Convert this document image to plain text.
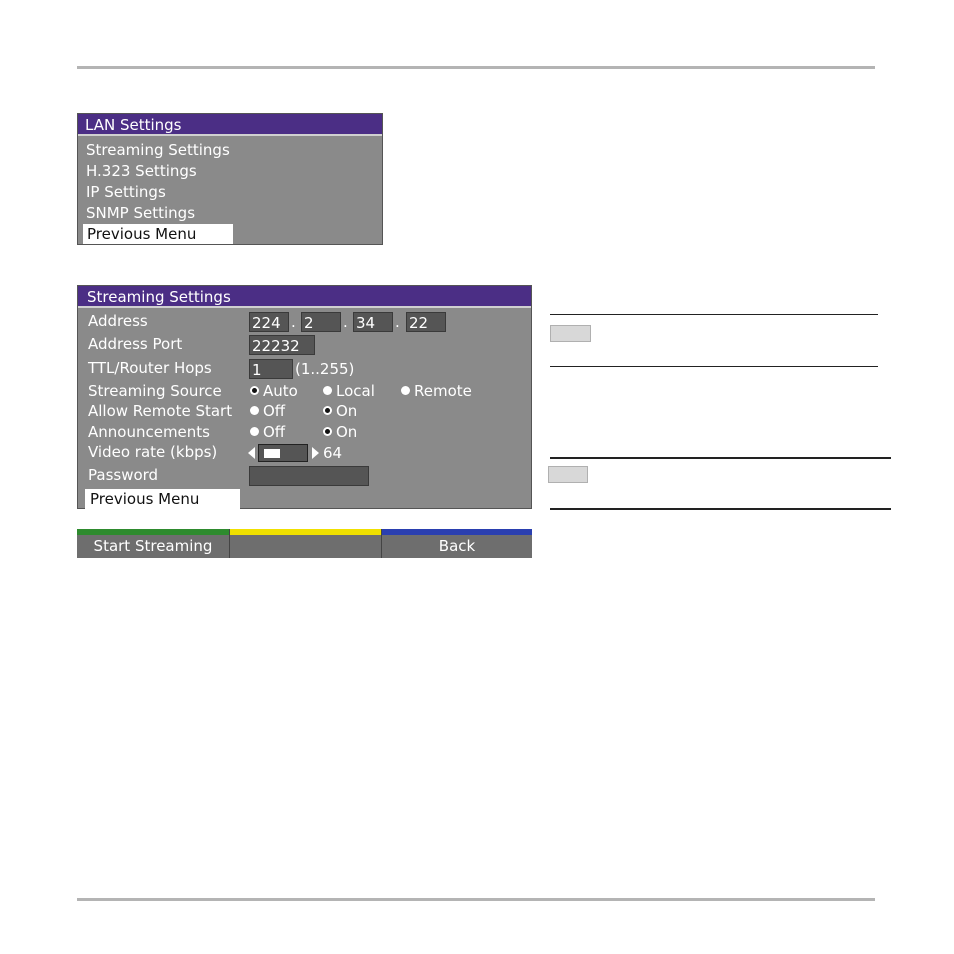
LAN Settings
Streaming Settings
H.323 Settings
IP Settings
SNMP Settings
Previous Menu
Streaming Settings
Address	224 . 2	. 34	. 22
Address Port	22232
TTL/Router Hops	1	(1..255)
Streaming Source	Auto	Local	Remote
Allow Remote Start	Off	On
Announcements	Off	On
Video rate (kbps)	64
Password
Previous Menu
Start Streaming	Back
